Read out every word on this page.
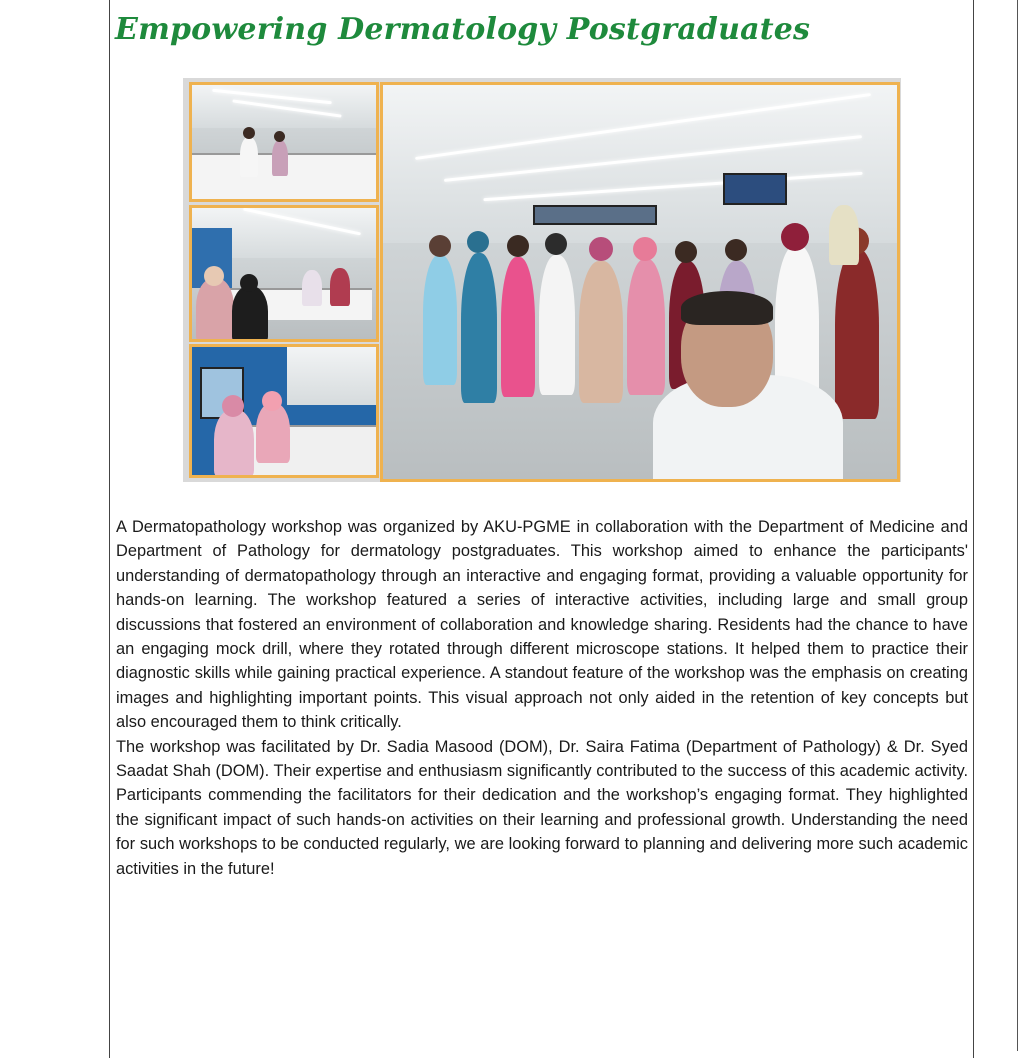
Empowering Dermatology Postgraduates

A Dermatopathology workshop was organized by AKU-PGME in collaboration with the Department of Medicine and Department of Pathology for dermatology postgraduates. This workshop aimed to enhance the participants' understanding of dermatopathology through an interactive and engaging format, providing a valuable opportunity for hands-on learning. The workshop featured a series of interactive activities, including large and small group discussions that fostered an environment of collaboration and knowledge sharing. Residents had the chance to have an engaging mock drill, where they rotated through different microscope stations. It helped them to practice their diagnostic skills while gaining practical experience. A standout feature of the workshop was the emphasis on creating images and highlighting important points. This visual approach not only aided in the retention of key concepts but also encouraged them to think critically.

The workshop was facilitated by Dr. Sadia Masood (DOM), Dr. Saira Fatima (Department of Pathology) & Dr. Syed Saadat Shah (DOM). Their expertise and enthusiasm significantly contributed to the success of this academic activity. Participants commending the facilitators for their dedication and the workshop’s engaging format. They highlighted the significant impact of such hands-on activities on their learning and professional growth. Understanding the need for such workshops to be conducted regularly, we are looking forward to planning and delivering more such academic activities in the future!
